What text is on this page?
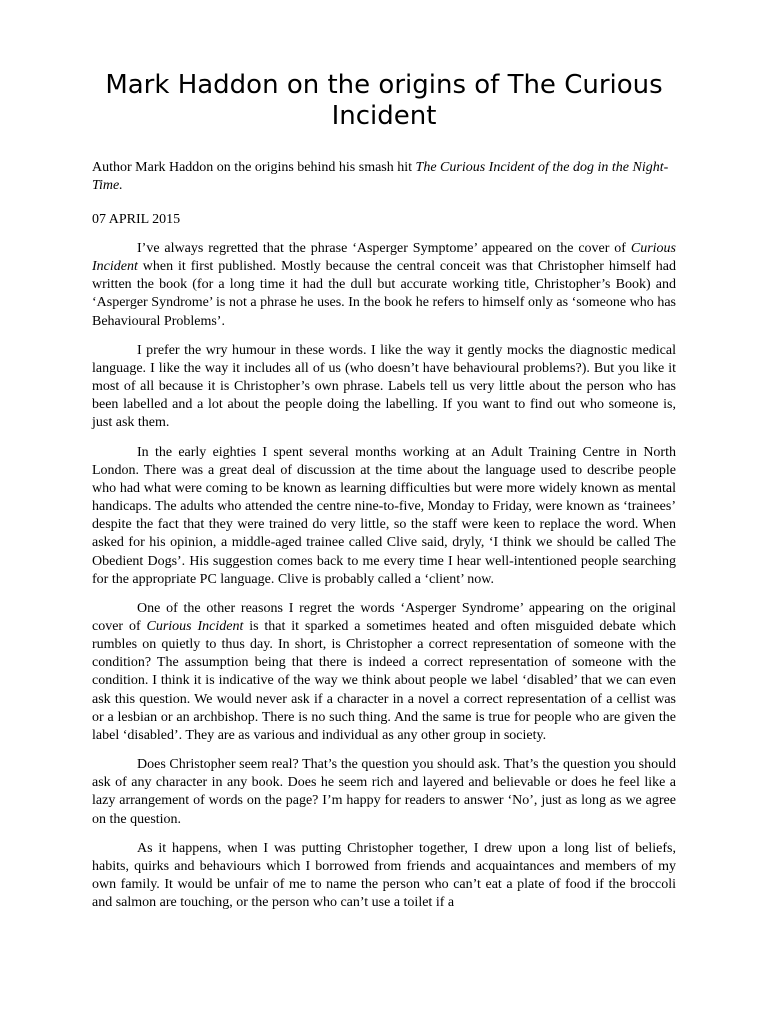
Mark Haddon on the origins of The Curious Incident

Author Mark Haddon on the origins behind his smash hit The Curious Incident of the dog in the Night-Time.

07 APRIL 2015

I’ve always regretted that the phrase ‘Asperger Symptome’ appeared on the cover of Curious Incident when it first published. Mostly because the central conceit was that Christopher himself had written the book (for a long time it had the dull but accurate working title, Christopher’s Book) and ‘Asperger Syndrome’ is not a phrase he uses. In the book he refers to himself only as ‘someone who has Behavioural Problems’.

I prefer the wry humour in these words. I like the way it gently mocks the diagnostic medical language. I like the way it includes all of us (who doesn’t have behavioural problems?). But you like it most of all because it is Christopher’s own phrase. Labels tell us very little about the person who has been labelled and a lot about the people doing the labelling. If you want to find out who someone is, just ask them.

In the early eighties I spent several months working at an Adult Training Centre in North London. There was a great deal of discussion at the time about the language used to describe people who had what were coming to be known as learning difficulties but were more widely known as mental handicaps. The adults who attended the centre nine-to-five, Monday to Friday, were known as ‘trainees’ despite the fact that they were trained do very little, so the staff were keen to replace the word. When asked for his opinion, a middle-aged trainee called Clive said, dryly, ‘I think we should be called The Obedient Dogs’. His suggestion comes back to me every time I hear well-intentioned people searching for the appropriate PC language. Clive is probably called a ‘client’ now.

One of the other reasons I regret the words ‘Asperger Syndrome’ appearing on the original cover of Curious Incident is that it sparked a sometimes heated and often misguided debate which rumbles on quietly to thus day. In short, is Christopher a correct representation of someone with the condition? The assumption being that there is indeed a correct representation of someone with the condition. I think it is indicative of the way we think about people we label ‘disabled’ that we can even ask this question. We would never ask if a character in a novel a correct representation of a cellist was or a lesbian or an archbishop. There is no such thing. And the same is true for people who are given the label ‘disabled’. They are as various and individual as any other group in society.

Does Christopher seem real? That’s the question you should ask. That’s the question you should ask of any character in any book. Does he seem rich and layered and believable or does he feel like a lazy arrangement of words on the page? I’m happy for readers to answer ‘No’, just as long as we agree on the question.

As it happens, when I was putting Christopher together, I drew upon a long list of beliefs, habits, quirks and behaviours which I borrowed from friends and acquaintances and members of my own family. It would be unfair of me to name the person who can’t eat a plate of food if the broccoli and salmon are touching, or the person who can’t use a toilet if a
